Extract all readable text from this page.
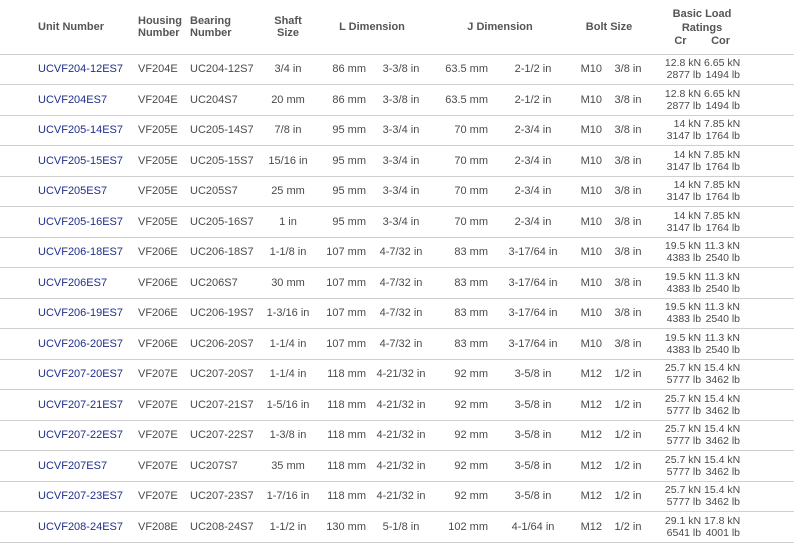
Unit Number	Housing Number	Bearing Number	Shaft Size	L Dimension		J Dimension		Bolt Size		Basic Load Ratings
Cr Cor

UCVF204-12ES7	VF204E	UC204-12S7	3/4 in	86 mm	3-3/8 in	63.5 mm	2-1/2 in	M10	3/8 in	12.8 kN 6.65 kN
2877 lb 1494 lb

UCVF204ES7	VF204E	UC204S7	20 mm	86 mm	3-3/8 in	63.5 mm	2-1/2 in	M10	3/8 in	12.8 kN 6.65 kN
2877 lb 1494 lb

UCVF205-14ES7	VF205E	UC205-14S7	7/8 in	95 mm	3-3/4 in	70 mm	2-3/4 in	M10	3/8 in	14 kN 7.85 kN
3147 lb 1764 lb

UCVF205-15ES7	VF205E	UC205-15S7	15/16 in	95 mm	3-3/4 in	70 mm	2-3/4 in	M10	3/8 in	14 kN 7.85 kN
3147 lb 1764 lb

UCVF205ES7	VF205E	UC205S7	25 mm	95 mm	3-3/4 in	70 mm	2-3/4 in	M10	3/8 in	14 kN 7.85 kN
3147 lb 1764 lb

UCVF205-16ES7	VF205E	UC205-16S7	1 in	95 mm	3-3/4 in	70 mm	2-3/4 in	M10	3/8 in	14 kN 7.85 kN
3147 lb 1764 lb

UCVF206-18ES7	VF206E	UC206-18S7	1-1/8 in	107 mm	4-7/32 in	83 mm	3-17/64 in	M10	3/8 in	19.5 kN 11.3 kN
4383 lb 2540 lb

UCVF206ES7	VF206E	UC206S7	30 mm	107 mm	4-7/32 in	83 mm	3-17/64 in	M10	3/8 in	19.5 kN 11.3 kN
4383 lb 2540 lb

UCVF206-19ES7	VF206E	UC206-19S7	1-3/16 in	107 mm	4-7/32 in	83 mm	3-17/64 in	M10	3/8 in	19.5 kN 11.3 kN
4383 lb 2540 lb

UCVF206-20ES7	VF206E	UC206-20S7	1-1/4 in	107 mm	4-7/32 in	83 mm	3-17/64 in	M10	3/8 in	19.5 kN 11.3 kN
4383 lb 2540 lb

UCVF207-20ES7	VF207E	UC207-20S7	1-1/4 in	118 mm	4-21/32 in	92 mm	3-5/8 in	M12	1/2 in	25.7 kN 15.4 kN
5777 lb 3462 lb

UCVF207-21ES7	VF207E	UC207-21S7	1-5/16 in	118 mm	4-21/32 in	92 mm	3-5/8 in	M12	1/2 in	25.7 kN 15.4 kN
5777 lb 3462 lb

UCVF207-22ES7	VF207E	UC207-22S7	1-3/8 in	118 mm	4-21/32 in	92 mm	3-5/8 in	M12	1/2 in	25.7 kN 15.4 kN
5777 lb 3462 lb

UCVF207ES7	VF207E	UC207S7	35 mm	118 mm	4-21/32 in	92 mm	3-5/8 in	M12	1/2 in	25.7 kN 15.4 kN
5777 lb 3462 lb

UCVF207-23ES7	VF207E	UC207-23S7	1-7/16 in	118 mm	4-21/32 in	92 mm	3-5/8 in	M12	1/2 in	25.7 kN 15.4 kN
5777 lb 3462 lb

UCVF208-24ES7	VF208E	UC208-24S7	1-1/2 in	130 mm	5-1/8 in	102 mm	4-1/64 in	M12	1/2 in	29.1 kN 17.8 kN
6541 lb 4001 lb
